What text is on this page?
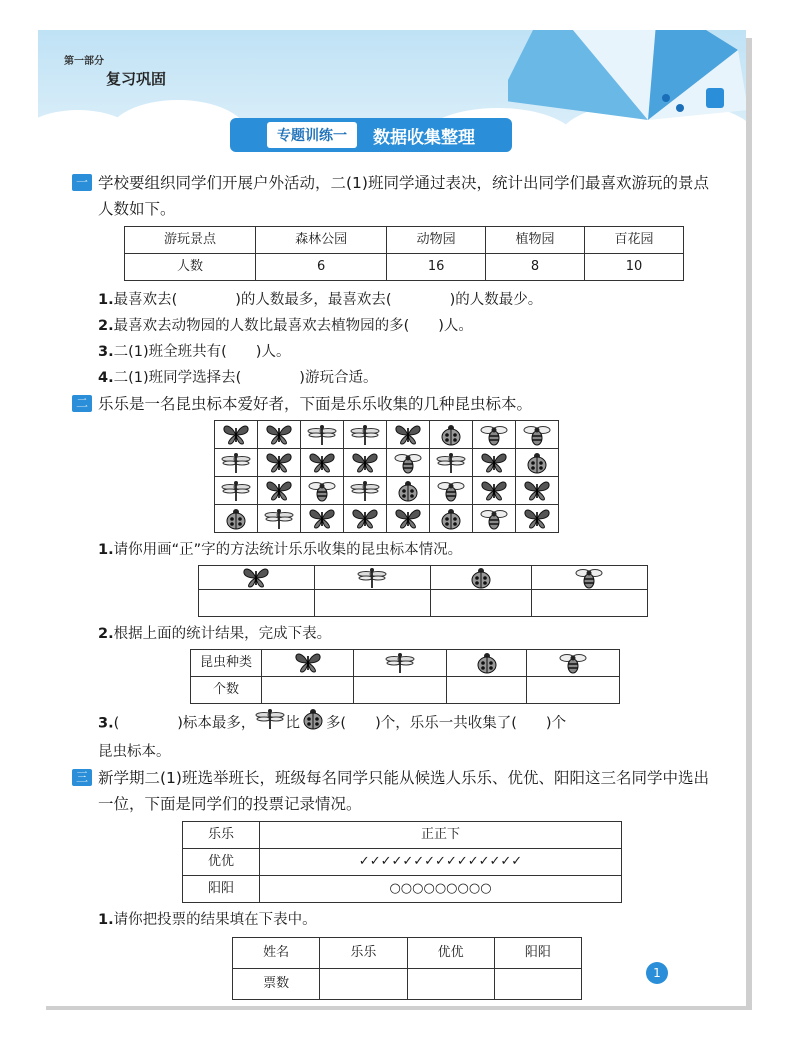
第一部分
复习巩固
专题训练一	数据收集整理
一 学校要组织同学们开展户外活动，二(1)班同学通过表决，统计出同学们最喜欢游玩的景点人数如下。
游玩景点	森林公园	动物园	植物园	百花园
人数	6	16	8	10
1.最喜欢去(　　　　)的人数最多，最喜欢去(　　　　)的人数最少。
2.最喜欢去动物园的人数比最喜欢去植物园的多(　　)人。
3.二(1)班全班共有(　　)人。
4.二(1)班同学选择去(　　　　)游玩合适。
二 乐乐是一名昆虫标本爱好者，下面是乐乐收集的几种昆虫标本。

1.请你用画“正”字的方法统计乐乐收集的昆虫标本情况。

2.根据上面的统计结果，完成下表。
昆虫种类	

个数				
3.(　　　　)标本最多， 比 多(　　)个，乐乐一共收集了(　　)个
昆虫标本。
三 新学期二(1)班选举班长，班级每名同学只能从候选人乐乐、优优、阳阳这三名同学中选出一位，下面是同学们的投票记录情况。
乐乐	正正下
优优	✓✓✓✓✓✓✓✓✓✓✓✓✓✓✓
阳阳	○○○○○○○○○
1.请你把投票的结果填在下表中。
姓名	乐乐	优优	阳阳
票数			
1
